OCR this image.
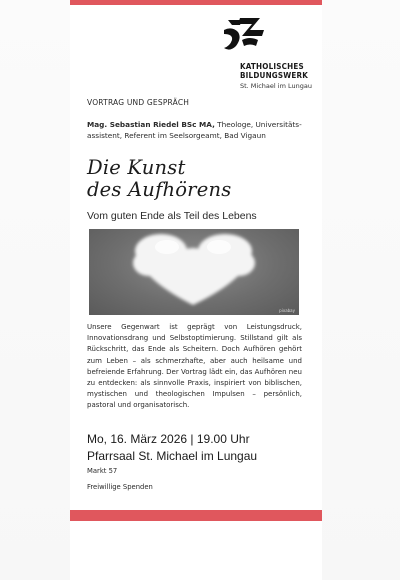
KATHOLISCHES
BILDUNGSWERK
St. Michael im Lungau
VORTRAG UND GESPRÄCH
Mag. Sebastian Riedel BSc MA, Theologe, Universitäts-assistent, Referent im Seelsorgeamt, Bad Vigaun
Die Kunst
des Aufhörens
Vom guten Ende als Teil des Lebens
pixabay
Unsere Gegenwart ist geprägt von Leistungsdruck, Innovationsdrang und Selbstoptimierung. Stillstand gilt als Rückschritt, das Ende als Scheitern. Doch Aufhören gehört zum Leben – als schmerzhafte, aber auch heilsame und befreiende Erfahrung. Der Vortrag lädt ein, das Aufhören neu zu entdecken: als sinnvolle Praxis, inspiriert von biblischen, mystischen und theologischen Impulsen – persönlich, pastoral und organisatorisch.
Mo, 16. März 2026 | 19.00 Uhr
Pfarrsaal St. Michael im Lungau
Markt 57
Freiwillige Spenden
